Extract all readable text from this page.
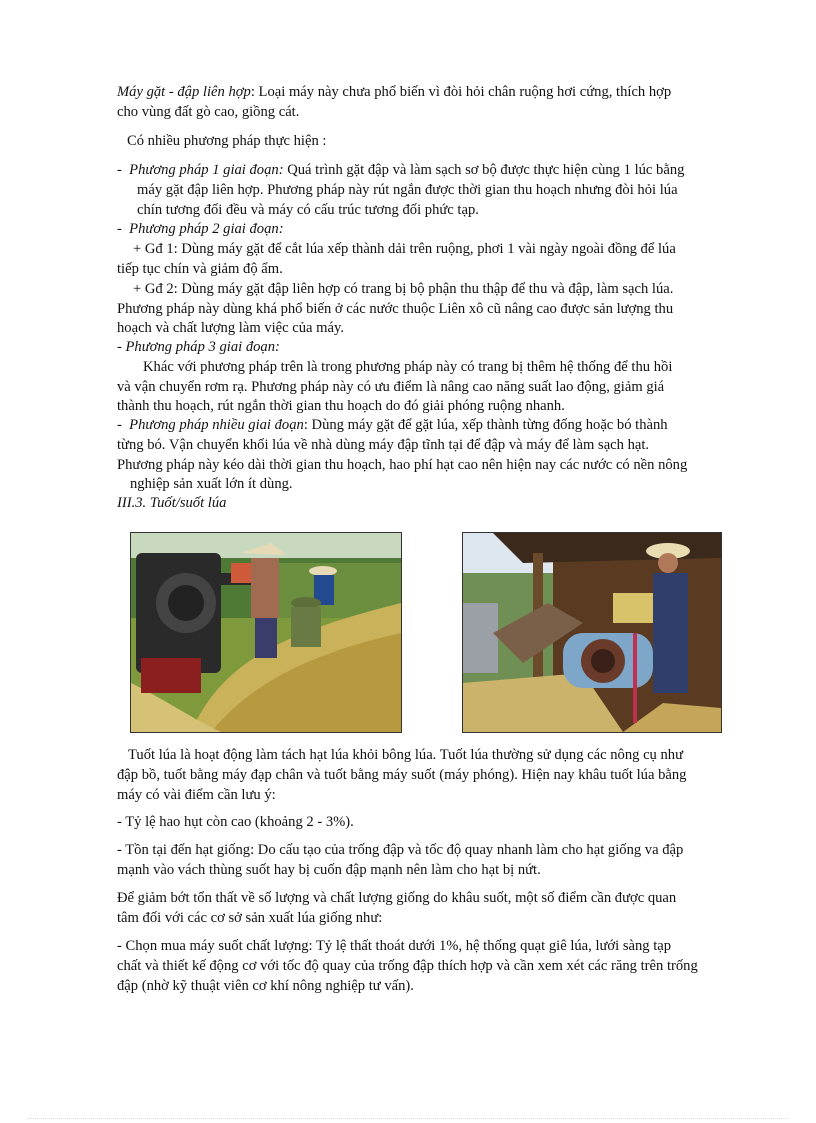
Máy gặt - đập liên hợp: Loại máy này chưa phổ biến vì đòi hỏi chân ruộng hơi cứng, thích hợp
cho vùng đất gò cao, giồng cát.
Có nhiều phương pháp thực hiện :
- Phương pháp 1 giai đoạn: Quá trình gặt đập và làm sạch sơ bộ được thực hiện cùng 1 lúc bằng
máy gặt đập liên hợp. Phương pháp này rút ngắn được thời gian thu hoạch nhưng đòi hỏi lúa
chín tương đối đều và máy có cấu trúc tương đối phức tạp.
- Phương pháp 2 giai đoạn:
+ Gđ 1: Dùng máy gặt để cắt lúa xếp thành dải trên ruộng, phơi 1 vài ngày ngoài đồng để lúa
tiếp tục chín và giảm độ ẩm.
+ Gđ 2: Dùng máy gặt đập liên hợp có trang bị bộ phận thu thập để thu và đập, làm sạch lúa.
Phương pháp này dùng khá phổ biến ở các nước thuộc Liên xô cũ nâng cao được sản lượng thu
hoạch và chất lượng làm việc của máy.
- Phương pháp 3 giai đoạn:
Khác với phương pháp trên là trong phương pháp này có trang bị thêm hệ thống để thu hồi
và vận chuyển rơm rạ. Phương pháp này có ưu điểm là nâng cao năng suất lao động, giảm giá
thành thu hoạch, rút ngắn thời gian thu hoạch do đó giải phóng ruộng nhanh.
- Phương pháp nhiều giai đoạn: Dùng máy gặt để gặt lúa, xếp thành từng đống hoặc bó thành
từng bó. Vận chuyển khối lúa về nhà dùng máy đập tĩnh tại để đập và máy để làm sạch hạt.
Phương pháp này kéo dài thời gian thu hoạch, hao phí hạt cao nên hiện nay các nước có nền nông
nghiệp sản xuất lớn ít dùng.
III.3. Tuốt/suốt lúa
Tuốt lúa là hoạt động làm tách hạt lúa khỏi bông lúa. Tuốt lúa thường sử dụng các nông cụ như
đập bồ, tuốt bằng máy đạp chân và tuốt bằng máy suốt (máy phóng). Hiện nay khâu tuốt lúa bằng
máy có vài điểm cần lưu ý:
- Tỷ lệ hao hụt còn cao (khoảng 2 - 3%).
- Tồn tại đến hạt giống: Do cấu tạo của trống đập và tốc độ quay nhanh làm cho hạt giống va đập
mạnh vào vách thùng suốt hay bị cuốn đập mạnh nên làm cho hạt bị nứt.
Để giảm bớt tổn thất về số lượng và chất lượng giống do khâu suốt, một số điểm cần được quan
tâm đối với các cơ sở sản xuất lúa giống như:
- Chọn mua máy suốt chất lượng: Tỷ lệ thất thoát dưới 1%, hệ thống quạt giê lúa, lưới sàng tạp
chất và thiết kế động cơ với tốc độ quay của trống đập thích hợp và cần xem xét các răng trên trống
đập (nhờ kỹ thuật viên cơ khí nông nghiệp tư vấn).
